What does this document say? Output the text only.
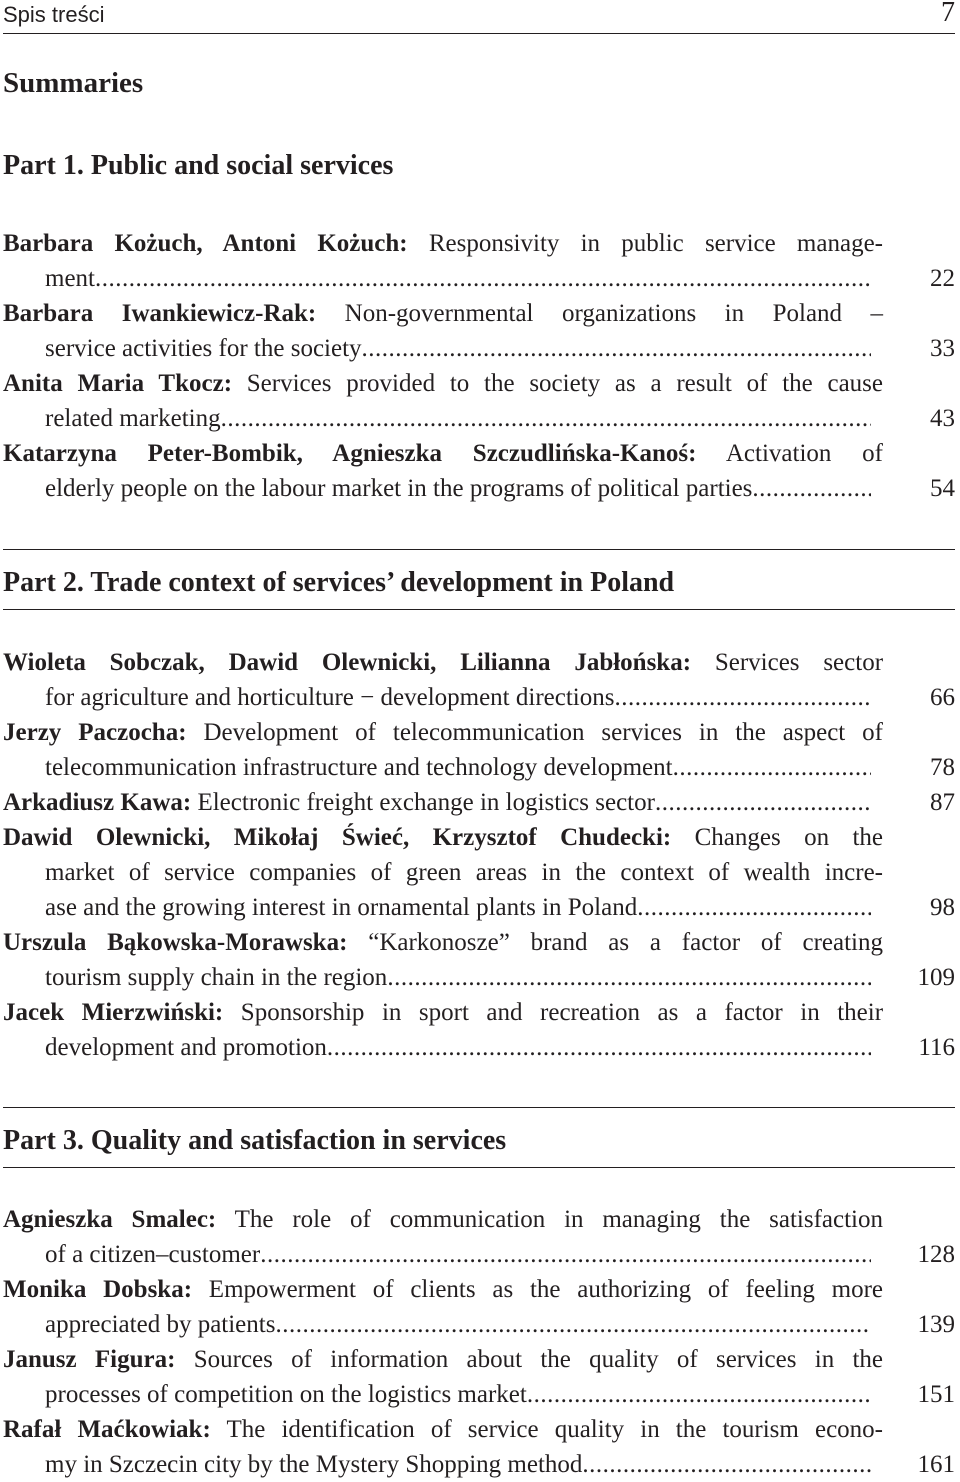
Spis treści	7
Summaries
Part 1. Public and social services
Barbara Kożuch, Antoni Kożuch: Responsivity in public service manage-
ment .....	22
Barbara Iwankiewicz-Rak: Non-governmental organizations in Poland –
service activities for the society .....	33
Anita Maria Tkocz: Services provided to the society as a result of the cause
related marketing .....	43
Katarzyna Peter-Bombik, Agnieszka Szczudlińska-Kanoś: Activation of
elderly people on the labour market in the programs of political parties .....	54
Part 2. Trade context of services’ development in Poland
Wioleta Sobczak, Dawid Olewnicki, Lilianna Jabłońska: Services sector
for agriculture and horticulture − development directions .....	66
Jerzy Paczocha: Development of telecommunication services in the aspect of
telecommunication infrastructure and technology development .....	78
Arkadiusz Kawa: Electronic freight exchange in logistics sector .....	87
Dawid Olewnicki, Mikołaj Świeć, Krzysztof Chudecki: Changes on the
market of service companies of green areas in the context of wealth incre-
ase and the growing interest in ornamental plants in Poland .....	98
Urszula Bąkowska-Morawska: “Karkonosze” brand as a factor of creating
tourism supply chain in the region .....	109
Jacek Mierzwiński: Sponsorship in sport and recreation as a factor in their
development and promotion .....	116
Part 3. Quality and satisfaction in services
Agnieszka Smalec: The role of communication in managing the satisfaction
of a citizen–customer .....	128
Monika Dobska: Empowerment of clients as the authorizing of feeling more
appreciated by patients .....	139
Janusz Figura: Sources of information about the quality of services in the
processes of competition on the logistics market .....	151
Rafał Maćkowiak: The identification of service quality in the tourism econo-
my in Szczecin city by the Mystery Shopping method .....	161
